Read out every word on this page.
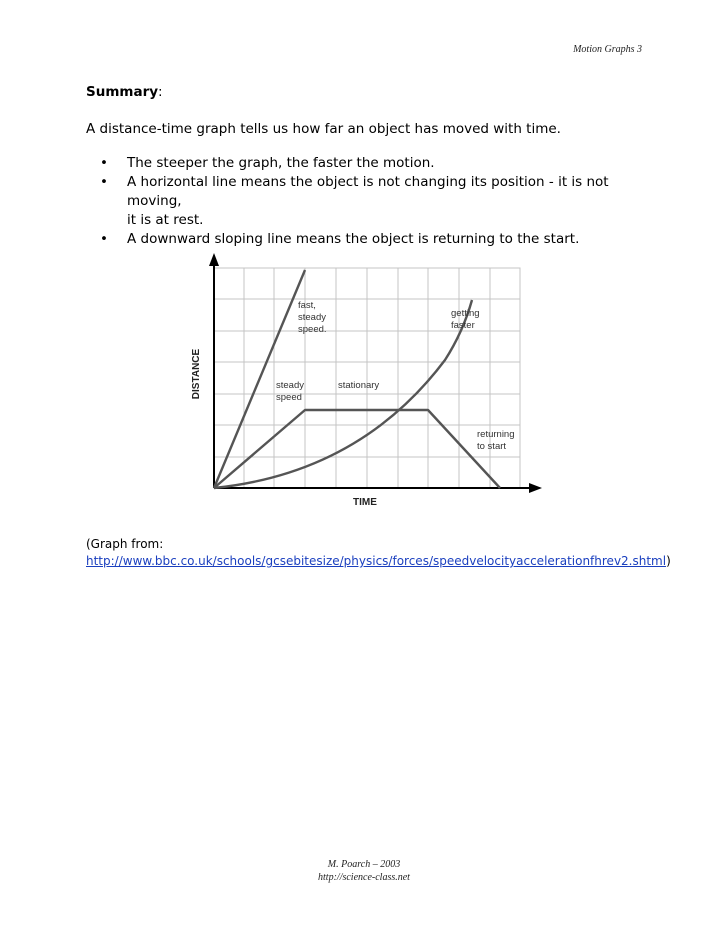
Motion Graphs 3
Summary:
A distance-time graph tells us how far an object has moved with time.
• The steeper the graph, the faster the motion.
• A horizontal line means the object is not changing its position - it is not moving,
it is at rest.
• A downward sloping line means the object is returning to the start.
fast, steady speed.
getting faster
steady speed
stationary
returning to start
TIME
DISTANCE
(Graph from:
http://www.bbc.co.uk/schools/gcsebitesize/physics/forces/speedvelocityaccelerationfhrev2.shtml)
M. Poarch – 2003
http://science-class.net
